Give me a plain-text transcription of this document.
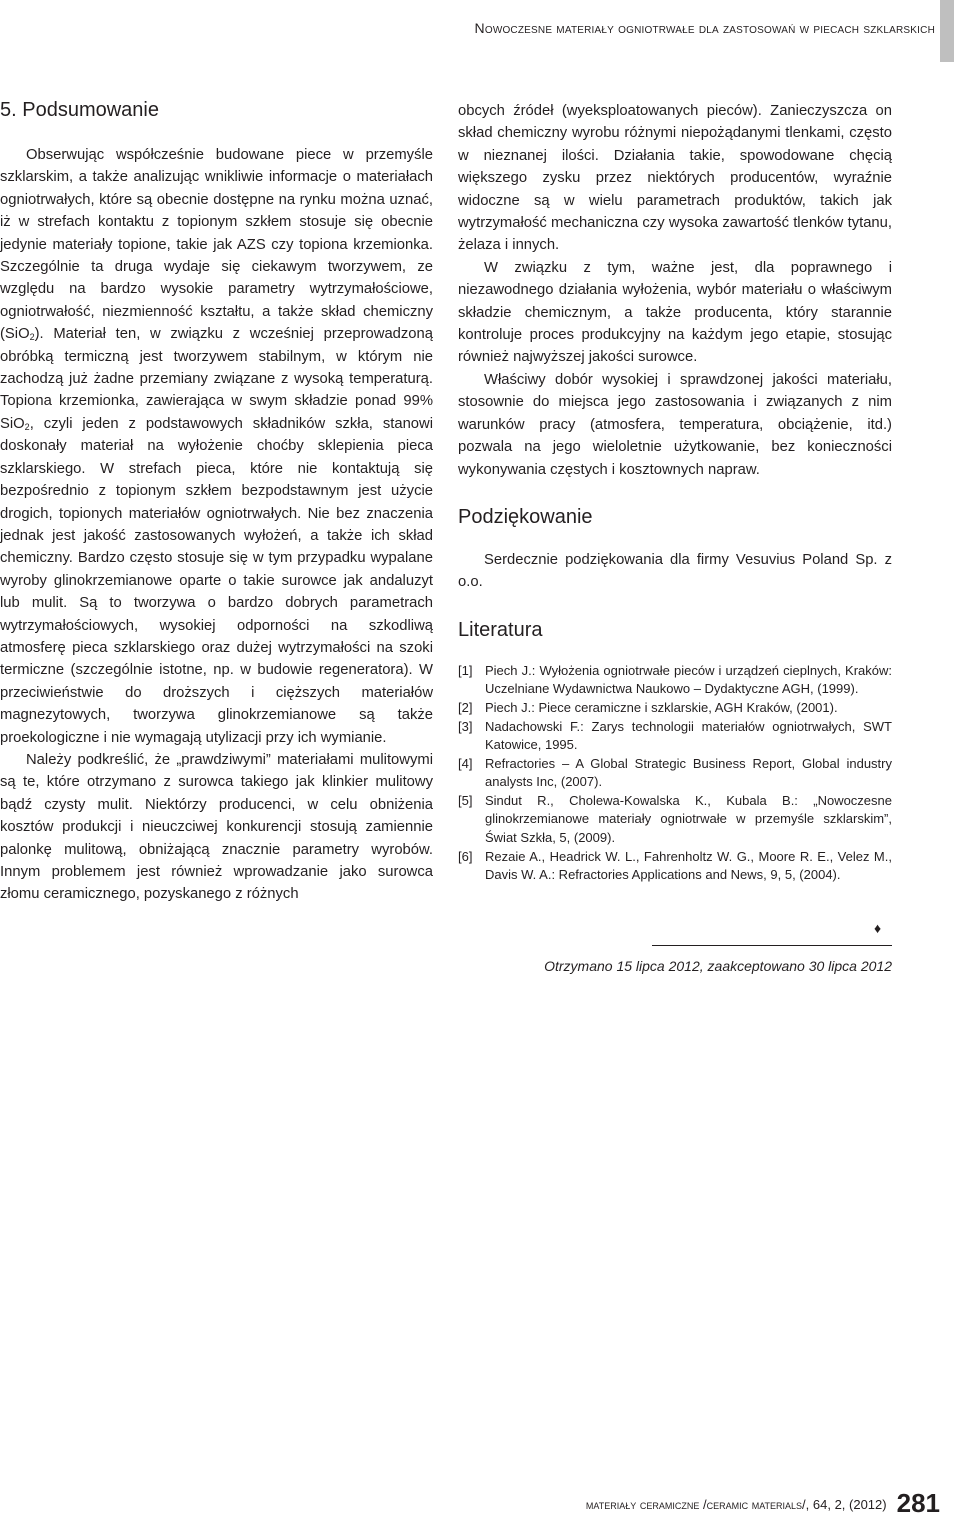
Nowoczesne materiały ogniotrwałe dla zastosowań w piecach szklarskich
5. Podsumowanie

Obserwując współcześnie budowane piece w przemyśle szklarskim, a także analizując wnikliwie informacje o materiałach ogniotrwałych, które są obecnie dostępne na rynku można uznać, iż w strefach kontaktu z topionym szkłem stosuje się obecnie jedynie materiały topione, takie jak AZS czy topiona krzemionka. Szczególnie ta druga wydaje się ciekawym tworzywem, ze względu na bardzo wysokie parametry wytrzymałościowe, ogniotrwałość, niezmienność kształtu, a także skład chemiczny (SiO$_2$). Materiał ten, w związku z wcześniej przeprowadzoną obróbką termiczną jest tworzywem stabilnym, w którym nie zachodzą już żadne przemiany związane z wysoką temperaturą. Topiona krzemionka, zawierająca w swym składzie ponad 99% SiO$_2$, czyli jeden z podstawowych składników szkła, stanowi doskonały materiał na wyłożenie choćby sklepienia pieca szklarskiego. W strefach pieca, które nie kontaktują się bezpośrednio z topionym szkłem bezpodstawnym jest użycie drogich, topionych materiałów ogniotrwałych. Nie bez znaczenia jednak jest jakość zastosowanych wyłożeń, a także ich skład chemiczny. Bardzo często stosuje się w tym przypadku wypalane wyroby glinokrzemianowe oparte o takie surowce jak andaluzyt lub mulit. Są to tworzywa o bardzo dobrych parametrach wytrzymałościowych, wysokiej odporności na szkodliwą atmosferę pieca szklarskiego oraz dużej wytrzymałości na szoki termiczne (szczególnie istotne, np. w budowie regeneratora). W przeciwieństwie do droższych i cięższych materiałów magnezytowych, tworzywa glinokrzemianowe są także proekologiczne i nie wymagają utylizacji przy ich wymianie.

Należy podkreślić, że „prawdziwymi” materiałami mulitowymi są te, które otrzymano z surowca takiego jak klinkier mulitowy bądź czysty mulit. Niektórzy producenci, w celu obniżenia kosztów produkcji i nieuczciwej konkurencji stosują zamiennie palonkę mulitową, obniżającą znacznie parametry wyrobów. Innym problemem jest również wprowadzanie jako surowca złomu ceramicznego, pozyskanego z różnych

obcych źródeł (wyeksploatowanych pieców). Zanieczyszcza on skład chemiczny wyrobu różnymi niepożądanymi tlenkami, często w nieznanej ilości. Działania takie, spowodowane chęcią większego zysku przez niektórych producentów, wyraźnie widoczne są w wielu parametrach produktów, takich jak wytrzymałość mechaniczna czy wysoka zawartość tlenków tytanu, żelaza i innych.

W związku z tym, ważne jest, dla poprawnego i niezawodnego działania wyłożenia, wybór materiału o właściwym składzie chemicznym, a także producenta, który starannie kontroluje proces produkcyjny na każdym jego etapie, stosując również najwyższej jakości surowce.

Właściwy dobór wysokiej i sprawdzonej jakości materiału, stosownie do miejsca jego zastosowania i związanych z nim warunków pracy (atmosfera, temperatura, obciążenie, itd.) pozwala na jego wieloletnie użytkowanie, bez konieczności wykonywania częstych i kosztownych napraw.

Podziękowanie

Serdecznie podziękowania dla firmy Vesuvius Poland Sp. z o.o.

Literatura
[1] Piech J.: Wyłożenia ogniotrwałe pieców i urządzeń cieplnych, Kraków: Uczelniane Wydawnictwa Naukowo – Dydaktyczne AGH, (1999).
[2] Piech J.: Piece ceramiczne i szklarskie, AGH Kraków, (2001).
[3] Nadachowski F.: Zarys technologii materiałów ogniotrwałych, SWT Katowice, 1995.
[4] Refractories – A Global Strategic Business Report, Global industry analysts Inc, (2007).
[5] Sindut R., Cholewa-Kowalska K., Kubala B.: „Nowoczesne glinokrzemianowe materiały ogniotrwałe w przemyśle szklarskim”, Świat Szkła, 5, (2009).
[6] Rezaie A., Headrick W. L., Fahrenholtz W. G., Moore R. E., Velez M., Davis W. A.: Refractories Applications and News, 9, 5, (2004).
♦
Otrzymano 15 lipca 2012, zaakceptowano 30 lipca 2012
materiały ceramiczne /ceramic materials/, 64, 2, (2012) 281
